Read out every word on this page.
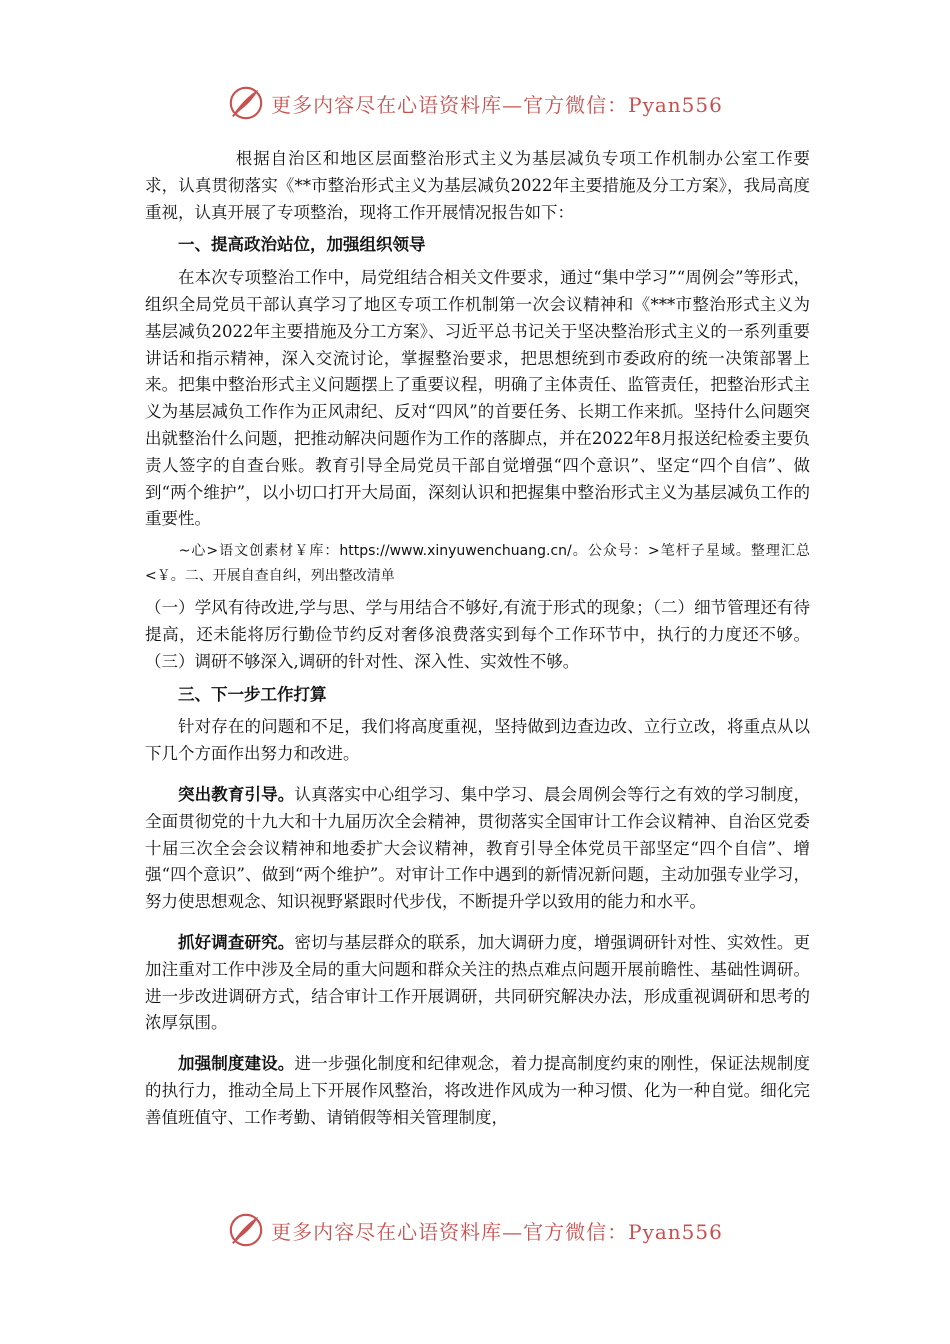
更多内容尽在心语资料库—官方微信：Pyan556

根据自治区和地区层面整治形式主义为基层减负专项工作机制办公室工作要求，认真贯彻落实《**市整治形式主义为基层减负2022年主要措施及分工方案》，我局高度重视，认真开展了专项整治，现将工作开展情况报告如下：

一、提高政治站位，加强组织领导

在本次专项整治工作中，局党组结合相关文件要求，通过“集中学习”“周例会”等形式，组织全局党员干部认真学习了地区专项工作机制第一次会议精神和《***市整治形式主义为基层减负2022年主要措施及分工方案》、习近平总书记关于坚决整治形式主义的一系列重要讲话和指示精神，深入交流讨论，掌握整治要求，把思想统到市委政府的统一决策部署上来。把集中整治形式主义问题摆上了重要议程，明确了主体责任、监管责任，把整治形式主义为基层减负工作作为正风肃纪、反对“四风”的首要任务、长期工作来抓。坚持什么问题突出就整治什么问题，把推动解决问题作为工作的落脚点，并在2022年8月报送纪检委主要负责人签字的自查台账。教育引导全局党员干部自觉增强“四个意识”、坚定“四个自信”、做到“两个维护”，以小切口打开大局面，深刻认识和把握集中整治形式主义为基层减负工作的重要性。

~心>语文创素材￥库：https://www.xinyuwenchuang.cn/。公众号：>笔杆子星域。整理汇总<￥。二、开展自查自纠，列出整改清单

（一）学风有待改进,学与思、学与用结合不够好,有流于形式的现象；（二）细节管理还有待提高，还未能将厉行勤俭节约反对奢侈浪费落实到每个工作环节中，执行的力度还不够。（三）调研不够深入,调研的针对性、深入性、实效性不够。

三、下一步工作打算

针对存在的问题和不足，我们将高度重视，坚持做到边查边改、立行立改，将重点从以下几个方面作出努力和改进。

突出教育引导。认真落实中心组学习、集中学习、晨会周例会等行之有效的学习制度，全面贯彻党的十九大和十九届历次全会精神，贯彻落实全国审计工作会议精神、自治区党委十届三次全会会议精神和地委扩大会议精神，教育引导全体党员干部坚定“四个自信”、增强“四个意识”、做到“两个维护”。对审计工作中遇到的新情况新问题，主动加强专业学习，努力使思想观念、知识视野紧跟时代步伐，不断提升学以致用的能力和水平。

抓好调查研究。密切与基层群众的联系，加大调研力度，增强调研针对性、实效性。更加注重对工作中涉及全局的重大问题和群众关注的热点难点问题开展前瞻性、基础性调研。进一步改进调研方式，结合审计工作开展调研，共同研究解决办法，形成重视调研和思考的浓厚氛围。

加强制度建设。进一步强化制度和纪律观念，着力提高制度约束的刚性，保证法规制度的执行力，推动全局上下开展作风整治，将改进作风成为一种习惯、化为一种自觉。细化完善值班值守、工作考勤、请销假等相关管理制度，

更多内容尽在心语资料库—官方微信：Pyan556
